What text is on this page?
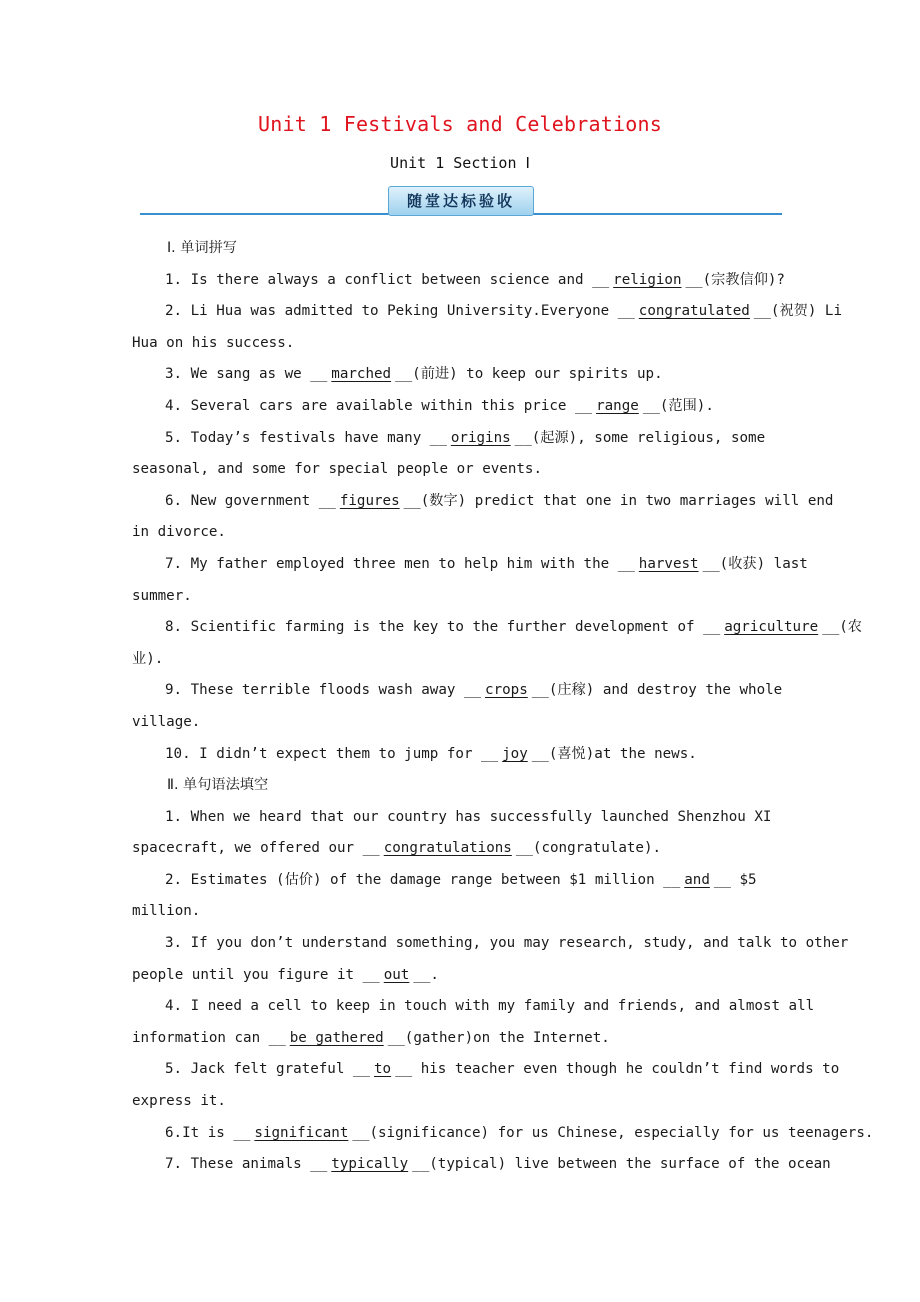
Unit 1 Festivals and Celebrations
Unit 1 Section Ⅰ
随堂达标验收
Ⅰ. 单词拼写
1. Is there always a conflict between science and __ religion __(宗教信仰)?
2. Li Hua was admitted to Peking University.Everyone __ congratulated __(祝贺) Li
Hua on his success.
3. We sang as we __ marched __(前进) to keep our spirits up.
4. Several cars are available within this price __ range __(范围).
5. Today’s festivals have many __ origins __(起源), some religious, some
seasonal, and some for special people or events.
6. New government __ figures __(数字) predict that one in two marriages will end
in divorce.
7. My father employed three men to help him with the __ harvest __(收获) last
summer.
8. Scientific farming is the key to the further development of __ agriculture __(农
业).
9. These terrible floods wash away __ crops __(庄稼) and destroy the whole
village.
10. I didn’t expect them to jump for __ joy __(喜悦)at the news.
Ⅱ. 单句语法填空
1. When we heard that our country has successfully launched Shenzhou XI
spacecraft, we offered our __ congratulations __(congratulate).
2. Estimates (估价) of the damage range between $1 million __ and __ $5
million.
3. If you don’t understand something, you may research, study, and talk to other
people until you figure it __ out __.
4. I need a cell to keep in touch with my family and friends, and almost all
information can __ be gathered __(gather)on the Internet.
5. Jack felt grateful __ to __ his teacher even though he couldn’t find words to
express it.
6.It is __ significant __(significance) for us Chinese, especially for us teenagers.
7. These animals __ typically __(typical) live between the surface of the ocean
